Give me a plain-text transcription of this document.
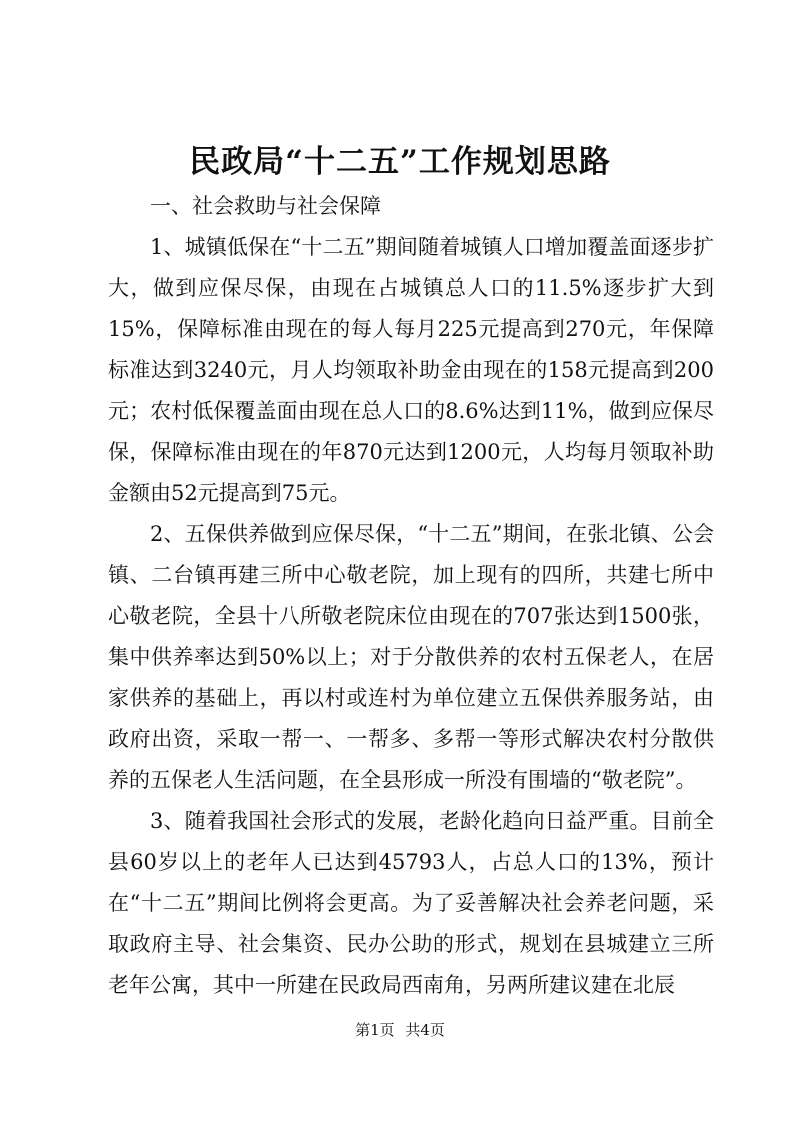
民政局“十二五”工作规划思路

一、社会救助与社会保障

1、城镇低保在“十二五”期间随着城镇人口增加覆盖面逐步扩大，做到应保尽保，由现在占城镇总人口的11.5%逐步扩大到15%，保障标准由现在的每人每月225元提高到270元，年保障标准达到3240元，月人均领取补助金由现在的158元提高到200元；农村低保覆盖面由现在总人口的8.6%达到11%，做到应保尽保，保障标准由现在的年870元达到1200元，人均每月领取补助金额由52元提高到75元。

2、五保供养做到应保尽保，“十二五”期间，在张北镇、公会镇、二台镇再建三所中心敬老院，加上现有的四所，共建七所中心敬老院，全县十八所敬老院床位由现在的707张达到1500张，集中供养率达到50%以上；对于分散供养的农村五保老人，在居家供养的基础上，再以村或连村为单位建立五保供养服务站，由政府出资，采取一帮一、一帮多、多帮一等形式解决农村分散供养的五保老人生活问题，在全县形成一所没有围墙的“敬老院”。

3、随着我国社会形式的发展，老龄化趋向日益严重。目前全县60岁以上的老年人已达到45793人，占总人口的13%，预计在“十二五”期间比例将会更高。为了妥善解决社会养老问题，采取政府主导、社会集资、民办公助的形式，规划在县城建立三所老年公寓，其中一所建在民政局西南角，另两所建议建在北辰

第1页 共4页
